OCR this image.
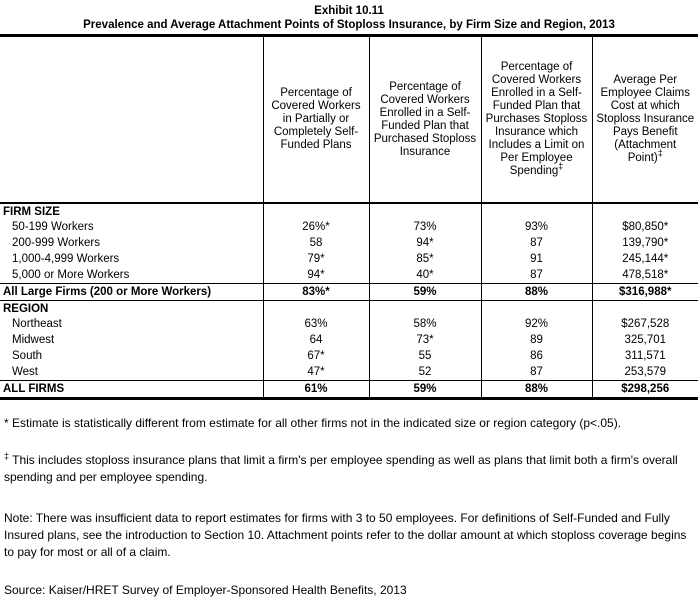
Exhibit 10.11
Prevalence and Average Attachment Points of Stoploss Insurance, by Firm Size and Region, 2013
	Percentage of Covered Workers in Partially or Completely Self-Funded Plans	Percentage of Covered Workers Enrolled in a Self-Funded Plan that Purchased Stoploss Insurance	Percentage of Covered Workers Enrolled in a Self-Funded Plan that Purchases Stoploss Insurance which Includes a Limit on Per Employee Spending‡	Average Per Employee Claims Cost at which Stoploss Insurance Pays Benefit (Attachment Point)‡
FIRM SIZE				
50-199 Workers	26%*	73%	93%	$80,850*
200-999 Workers	58	94*	87	139,790*
1,000-4,999 Workers	79*	85*	91	245,144*
5,000 or More Workers	94*	40*	87	478,518*
All Large Firms (200 or More Workers)	83%*	59%	88%	$316,988*
REGION				
Northeast	63%	58%	92%	$267,528
Midwest	64	73*	89	325,701
South	67*	55	86	311,571
West	47*	52	87	253,579
ALL FIRMS	61%	59%	88%	$298,256
* Estimate is statistically different from estimate for all other firms not in the indicated size or region category (p<.05).
‡ This includes stoploss insurance plans that limit a firm's per employee spending as well as plans that limit both a firm's overall spending and per employee spending.
Note: There was insufficient data to report estimates for firms with 3 to 50 employees. For definitions of Self-Funded and Fully Insured plans, see the introduction to Section 10. Attachment points refer to the dollar amount at which stoploss coverage begins to pay for most or all of a claim.
Source: Kaiser/HRET Survey of Employer-Sponsored Health Benefits, 2013
